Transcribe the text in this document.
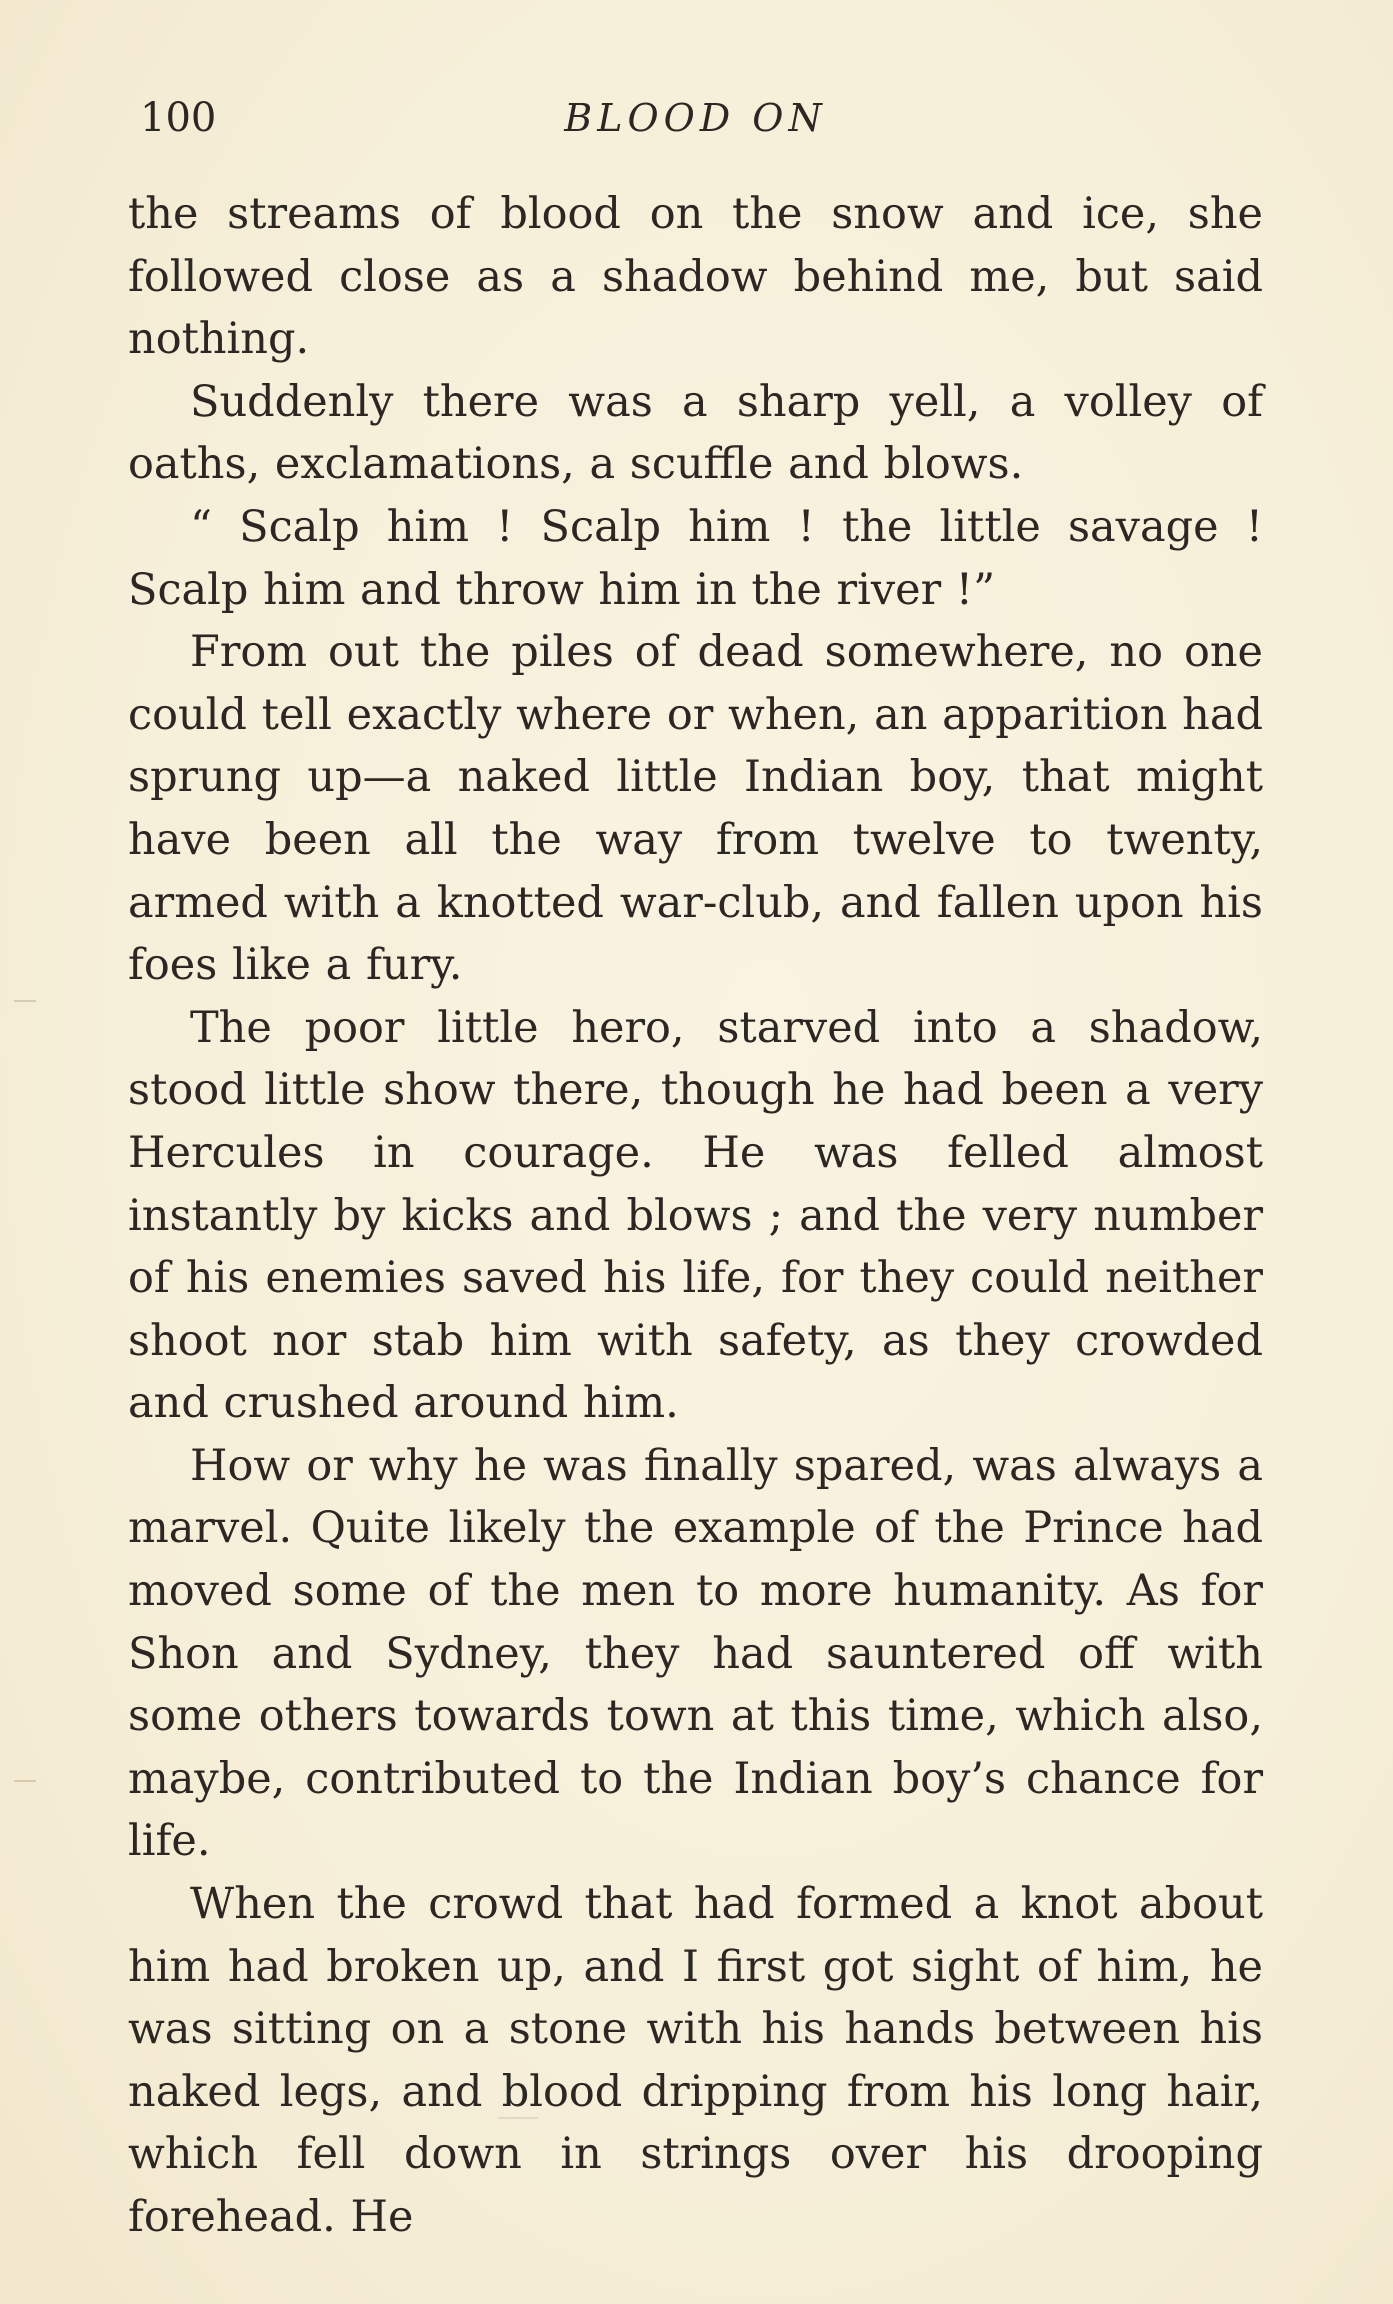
100	BLOOD ON

the streams of blood on the snow and ice, she followed close as a shadow behind me, but said nothing.

Suddenly there was a sharp yell, a volley of oaths, exclamations, a scuffle and blows.

“ Scalp him ! Scalp him ! the little savage ! Scalp him and throw him in the river !”

From out the piles of dead somewhere, no one could tell exactly where or when, an apparition had sprung up—a naked little Indian boy, that might have been all the way from twelve to twenty, armed with a knotted war-club, and fallen upon his foes like a fury.

The poor little hero, starved into a shadow, stood little show there, though he had been a very Hercules in courage. He was felled almost instantly by kicks and blows ; and the very number of his enemies saved his life, for they could neither shoot nor stab him with safety, as they crowded and crushed around him.

How or why he was finally spared, was always a marvel. Quite likely the example of the Prince had moved some of the men to more humanity. As for Shon and Sydney, they had sauntered off with some others towards town at this time, which also, maybe, contributed to the Indian boy’s chance for life.

When the crowd that had formed a knot about him had broken up, and I first got sight of him, he was sitting on a stone with his hands between his naked legs, and blood dripping from his long hair, which fell down in strings over his drooping forehead. He
